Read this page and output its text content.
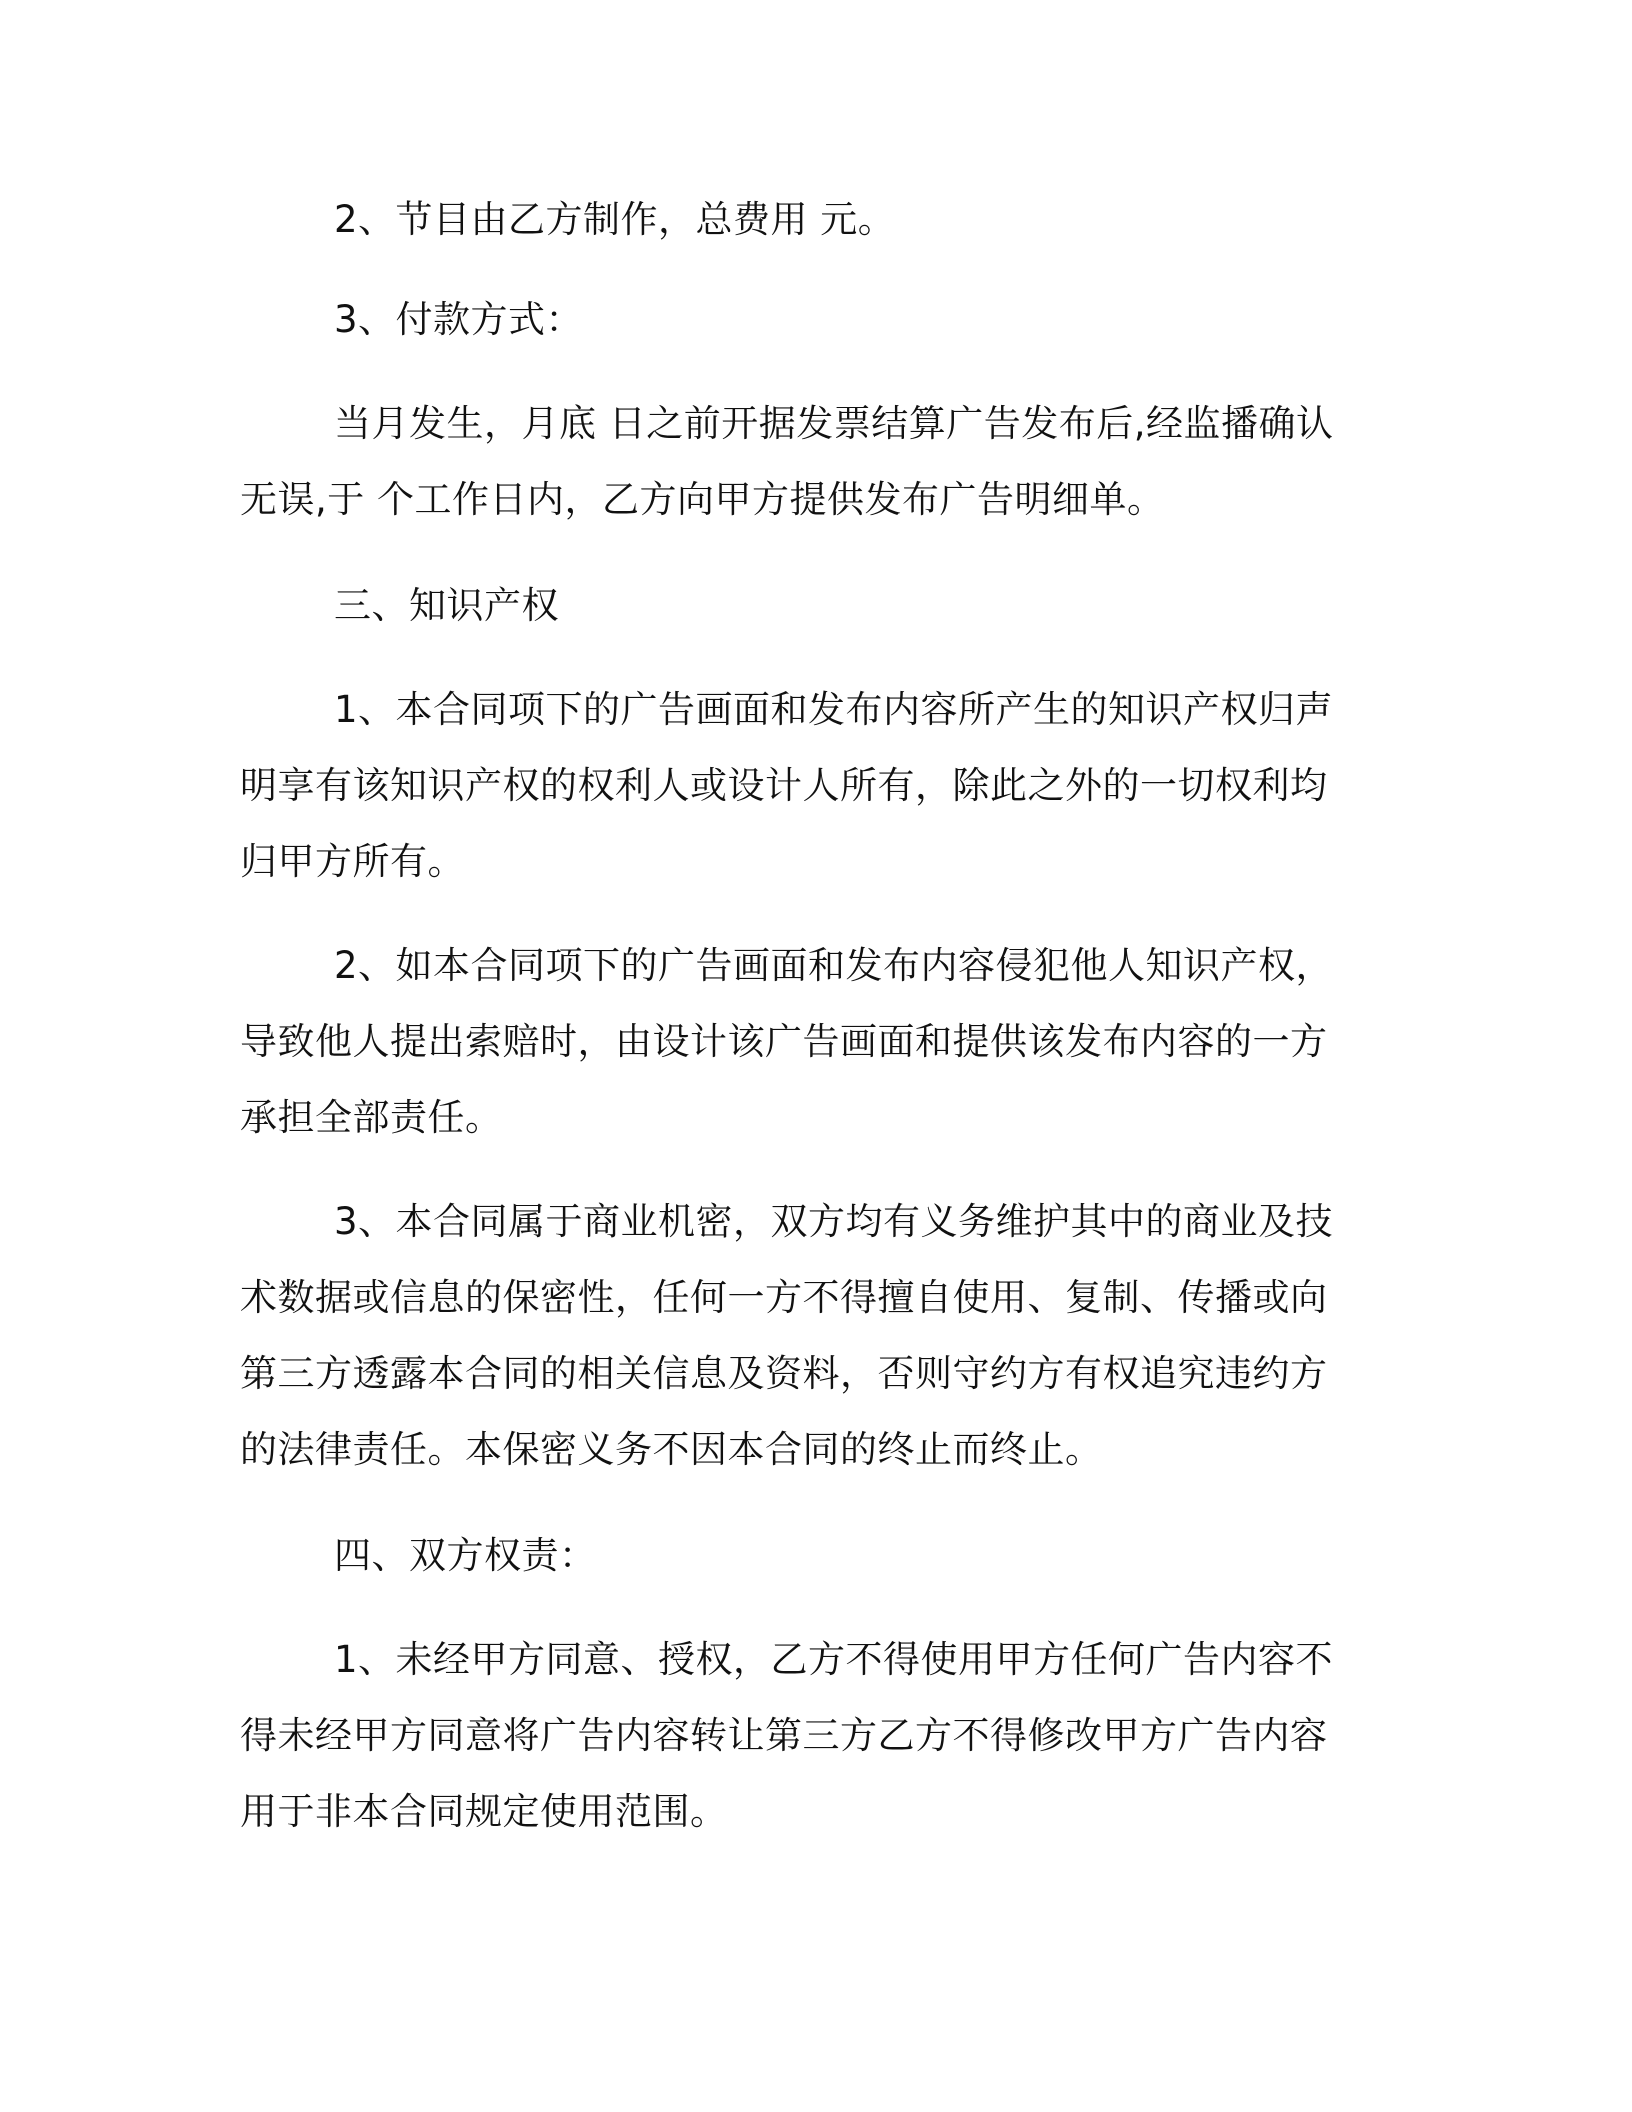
2、节目由乙方制作，总费用 元。

3、付款方式：

当月发生，月底 日之前开据发票结算广告发布后,经监播确认无误,于 个工作日内，乙方向甲方提供发布广告明细单。

三、知识产权

1、本合同项下的广告画面和发布内容所产生的知识产权归声明享有该知识产权的权利人或设计人所有，除此之外的一切权利均归甲方所有。

2、如本合同项下的广告画面和发布内容侵犯他人知识产权，导致他人提出索赔时，由设计该广告画面和提供该发布内容的一方承担全部责任。

3、本合同属于商业机密，双方均有义务维护其中的商业及技术数据或信息的保密性，任何一方不得擅自使用、复制、传播或向第三方透露本合同的相关信息及资料，否则守约方有权追究违约方的法律责任。本保密义务不因本合同的终止而终止。

四、双方权责：

1、未经甲方同意、授权，乙方不得使用甲方任何广告内容不得未经甲方同意将广告内容转让第三方乙方不得修改甲方广告内容用于非本合同规定使用范围。
